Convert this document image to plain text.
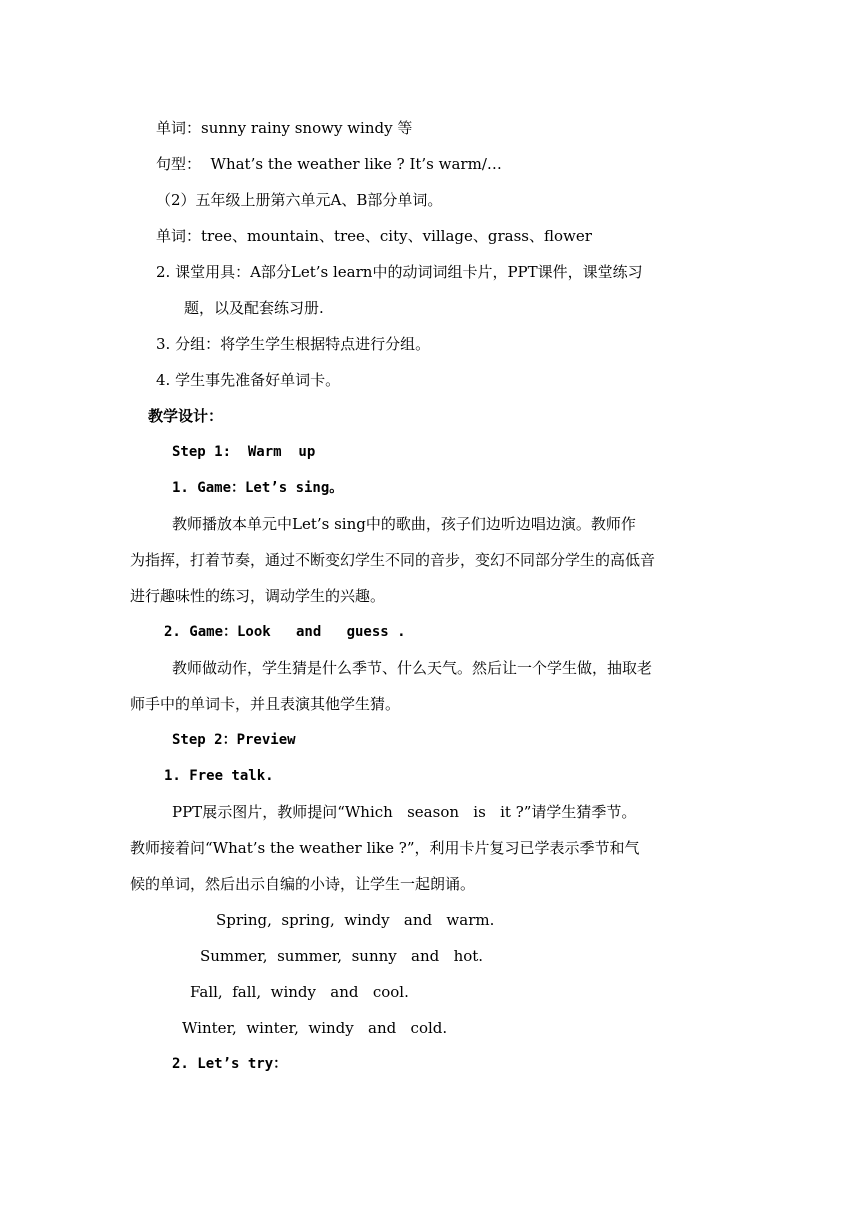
单词：sunny rainy snowy windy 等
句型：  What’s the weather like ? It’s warm/…
（2）五年级上册第六单元A、B部分单词。
单词：tree、mountain、tree、city、village、grass、flower
2. 课堂用具：A部分Let’s learn中的动词词组卡片，PPT课件，课堂练习
题，以及配套练习册.
3. 分组：将学生学生根据特点进行分组。
4. 学生事先准备好单词卡。
教学设计：
Step 1:  Warm  up
1. Game：Let’s sing。
教师播放本单元中Let’s sing中的歌曲，孩子们边听边唱边演。教师作
为指挥，打着节奏，通过不断变幻学生不同的音步，变幻不同部分学生的高低音
进行趣味性的练习，调动学生的兴趣。
2. Game：Look   and   guess .
教师做动作，学生猜是什么季节、什么天气。然后让一个学生做，抽取老
师手中的单词卡，并且表演其他学生猜。
Step 2：Preview
1. Free talk.
PPT展示图片，教师提问“Which   season   is   it ?”请学生猜季节。
教师接着问“What’s the weather like ?”，利用卡片复习已学表示季节和气
候的单词，然后出示自编的小诗，让学生一起朗诵。
Spring,  spring,  windy   and   warm.
Summer,  summer,  sunny   and   hot.
Fall,  fall,  windy   and   cool.
Winter,  winter,  windy   and   cold.
2. Let’s try：
